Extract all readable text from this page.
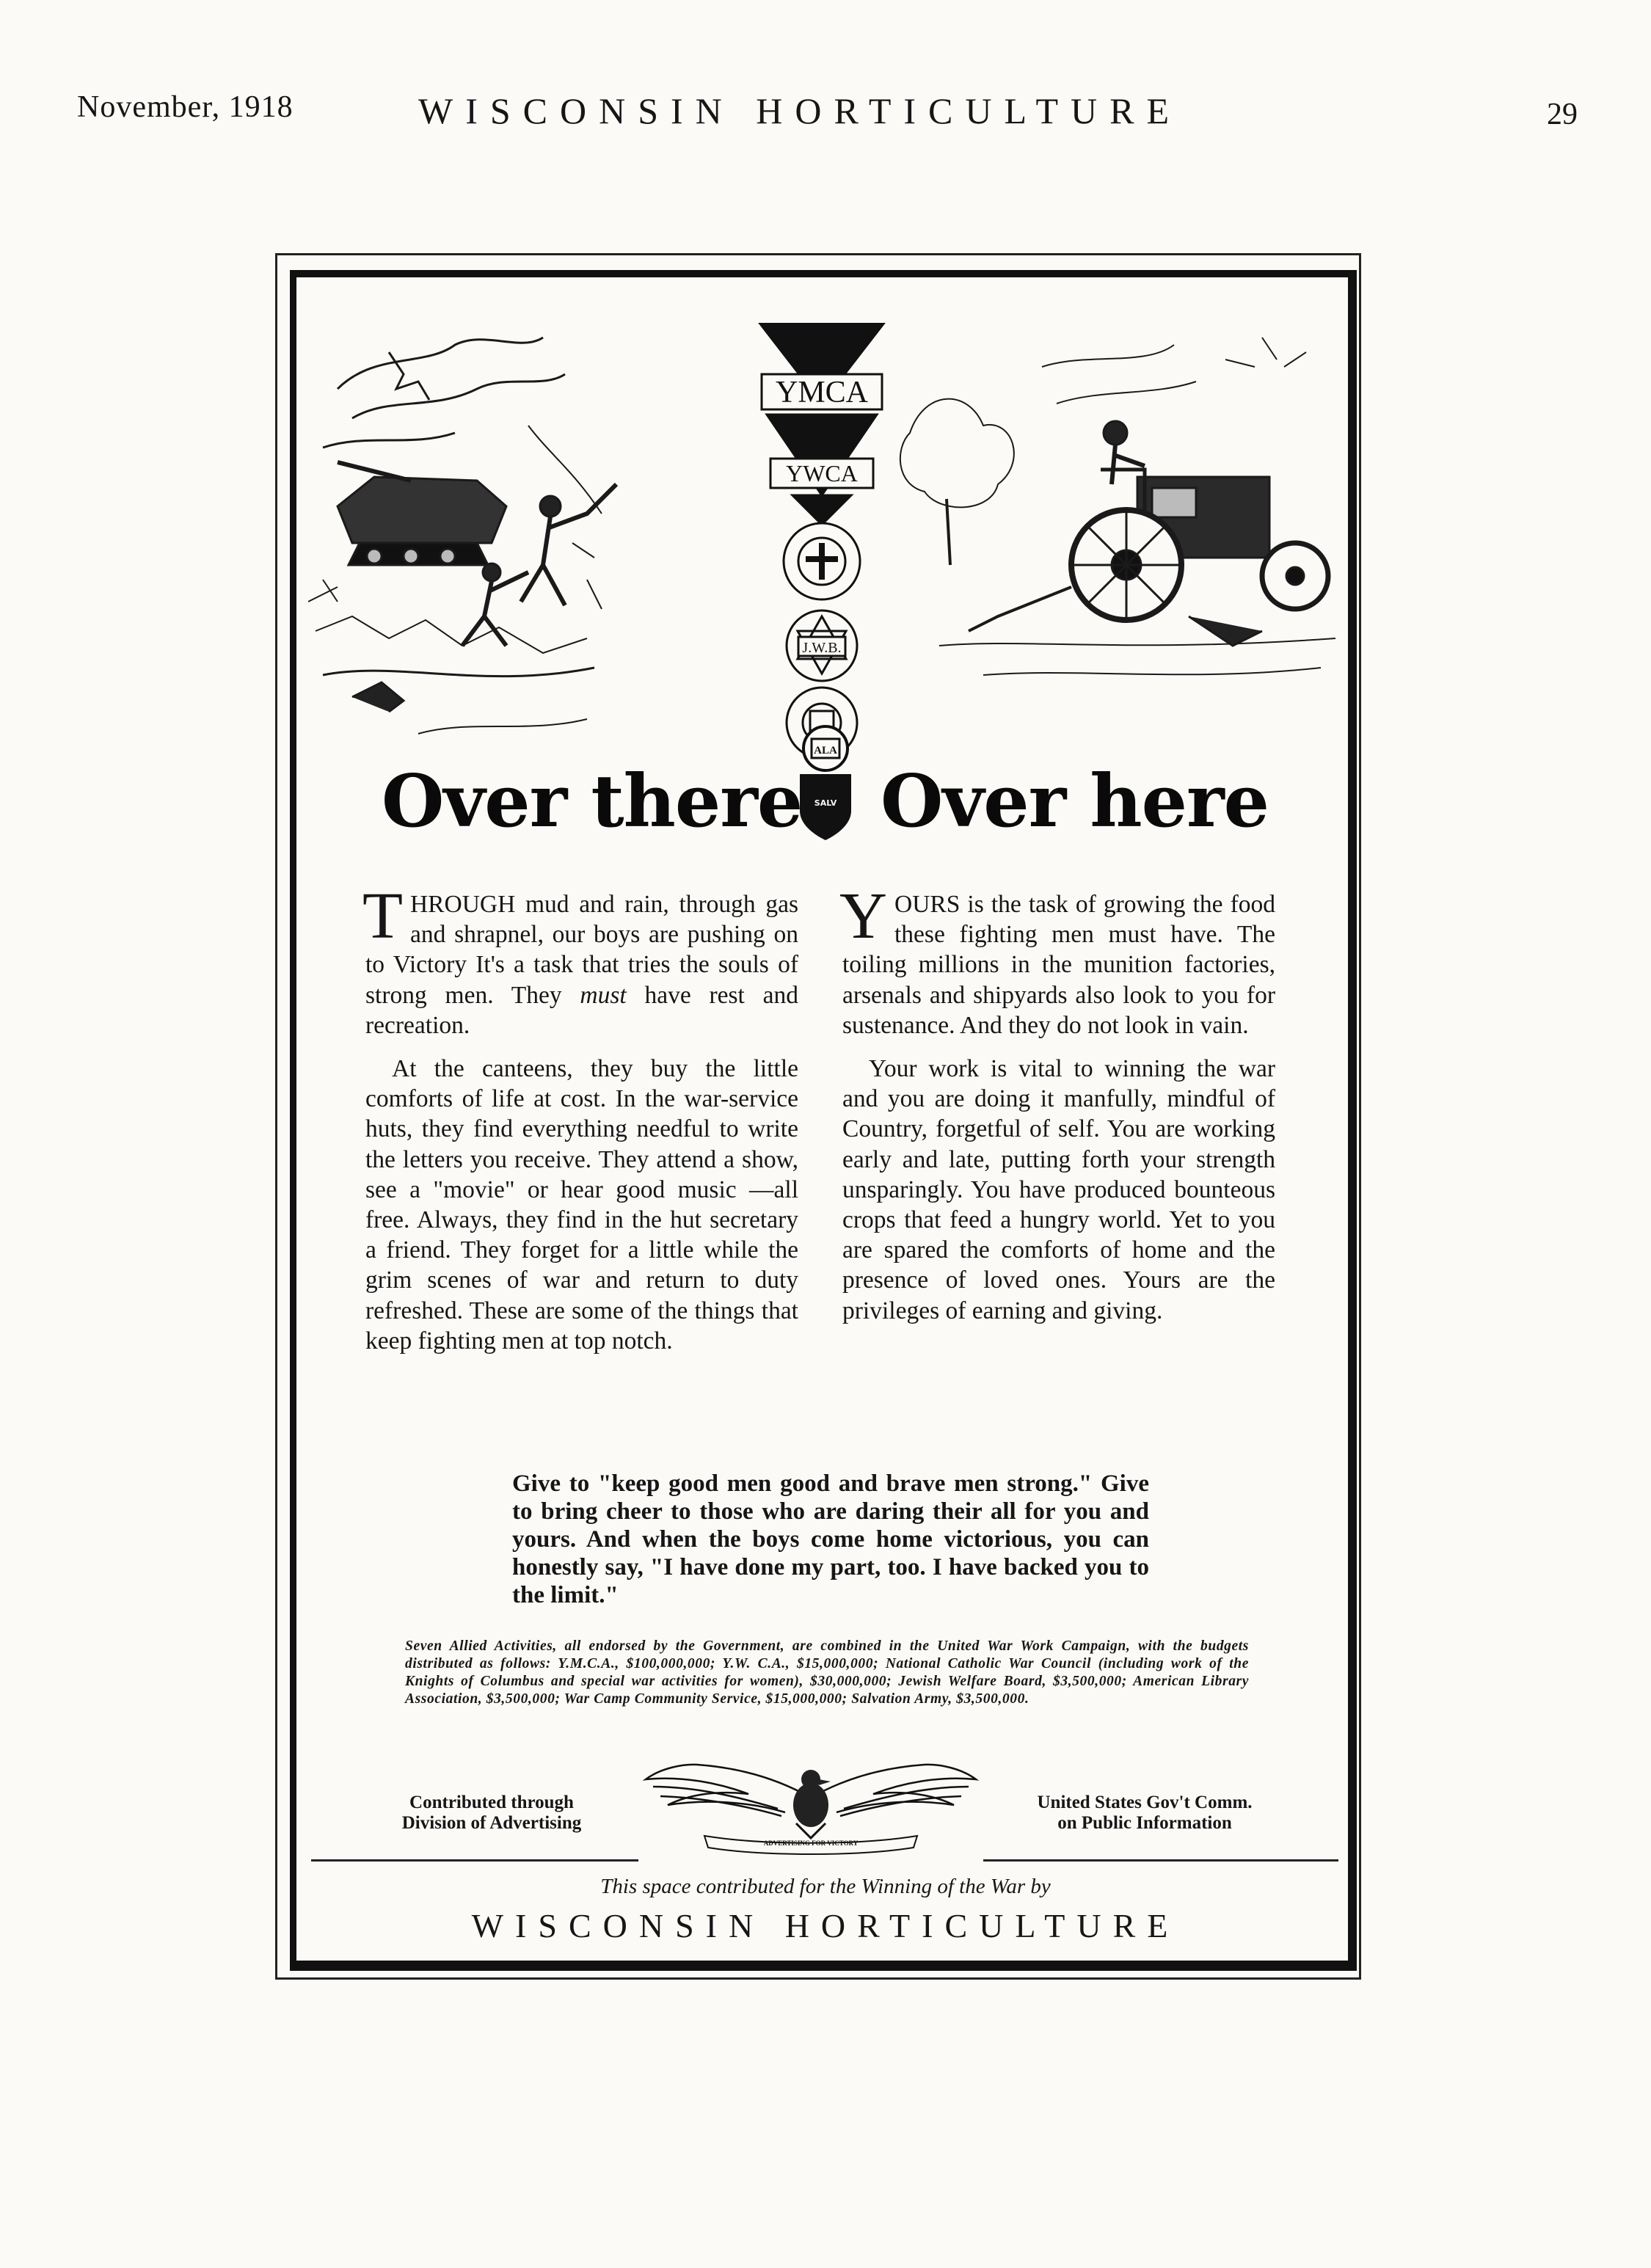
November, 1918	WISCONSIN HORTICULTURE	29
YMCA
YWCA
J.W.B.
SALV
ALA
Over there Over here

THROUGH mud and rain, through gas and shrapnel, our boys are pushing on to Victory It's a task that tries the souls of strong men. They must have rest and recreation.

At the canteens, they buy the little comforts of life at cost. In the war-service huts, they find everything needful to write the letters you receive. They attend a show, see a "movie" or hear good music —all free. Always, they find in the hut secretary a friend. They forget for a little while the grim scenes of war and return to duty refreshed. These are some of the things that keep fighting men at top notch.

YOURS is the task of growing the food these fighting men must have. The toiling millions in the munition factories, arsenals and shipyards also look to you for sustenance. And they do not look in vain.

Your work is vital to winning the war and you are doing it manfully, mindful of Country, forgetful of self. You are working early and late, putting forth your strength unsparingly. You have produced bounteous crops that feed a hungry world. Yet to you are spared the comforts of home and the presence of loved ones. Yours are the privileges of earning and giving.

Give to "keep good men good and brave men strong." Give to bring cheer to those who are daring their all for you and yours. And when the boys come home victorious, you can honestly say, "I have done my part, too. I have backed you to the limit."
Seven Allied Activities, all endorsed by the Government, are combined in the United War Work Campaign, with the budgets distributed as follows: Y.M.C.A., $100,000,000; Y.W. C.A., $15,000,000; National Catholic War Council (including work of the Knights of Columbus and special war activities for women), $30,000,000; Jewish Welfare Board, $3,500,000; American Library Association, $3,500,000; War Camp Community Service, $15,000,000; Salvation Army, $3,500,000.
Contributed through
Division of Advertising
ADVERTISING FOR VICTORY
United States Gov't Comm.
on Public Information
This space contributed for the Winning of the War by
WISCONSIN HORTICULTURE
